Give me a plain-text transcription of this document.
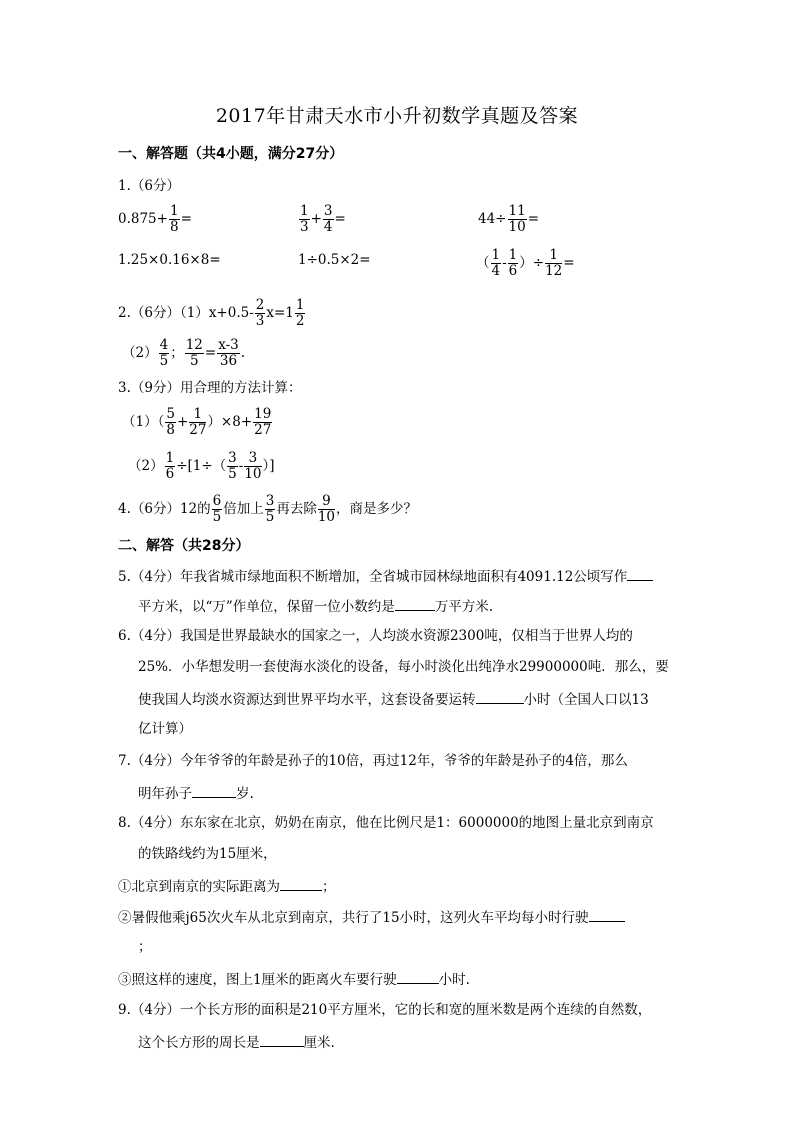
2017年甘肃天水市小升初数学真题及答案
一、解答题（共4小题，满分27分）
1.（6分）
$0.875+ \frac{1}{8}$ =	$\frac{1}{3} + \frac{3}{4}$ =	$44\div \frac{11}{10}$ =
1.25×0.16×8=	1÷0.5×2=	（ $\frac{1}{4} - \frac{1}{6}$ ）÷ $\frac{1}{12}$ =
2.（6分）$(1)x+0.5- \frac{2}{3} x=1 \frac{1}{2}$
$(2) \frac{4}{5}$ ； $\frac{12}{5} = \frac{x-3}{36}$ .
3.（9分）用合理的方法计算：
$(1)( \frac{5}{8} + \frac{1}{27} )\times 8+ \frac{19}{27}$
$(2) \frac{1}{6} \div[1\div( \frac{3}{5} - \frac{3}{10}$ ）]
4.（6分）12的 $\frac{6}{5}$ 倍加上 $\frac{3}{5}$ 再去除 $\frac{9}{10}$ ，商是多少？
二、解答（共28分）
5.（4分）年我省城市绿地面积不断增加，全省城市园林绿地面积有4091.12公顷写作
平方米，以“万”作单位，保留一位小数约是	万平方米.
6.（4分）我国是世界最缺水的国家之一，人均淡水资源2300吨，仅相当于世界人均的
25%．小华想发明一套使海水淡化的设备，每小时淡化出纯净水29900000吨．那么，要
使我国人均淡水资源达到世界平均水平，这套设备要运转	小时（全国人口以13
亿计算）
7.（4分）今年爷爷的年龄是孙子的10倍，再过12年，爷爷的年龄是孙子的4倍，那么
明年孙子	岁.
8.（4分）东东家在北京，奶奶在南京，他在比例尺是1：6000000的地图上量北京到南京
的铁路线约为15厘米，
①北京到南京的实际距离为	；
②暑假他乘j65次火车从北京到南京，共行了15小时，这列火车平均每小时行驶
；
③照这样的速度，图上1厘米的距离火车要行驶	小时.
9.（4分）一个长方形的面积是210平方厘米，它的长和宽的厘米数是两个连续的自然数，
这个长方形的周长是	厘米.
